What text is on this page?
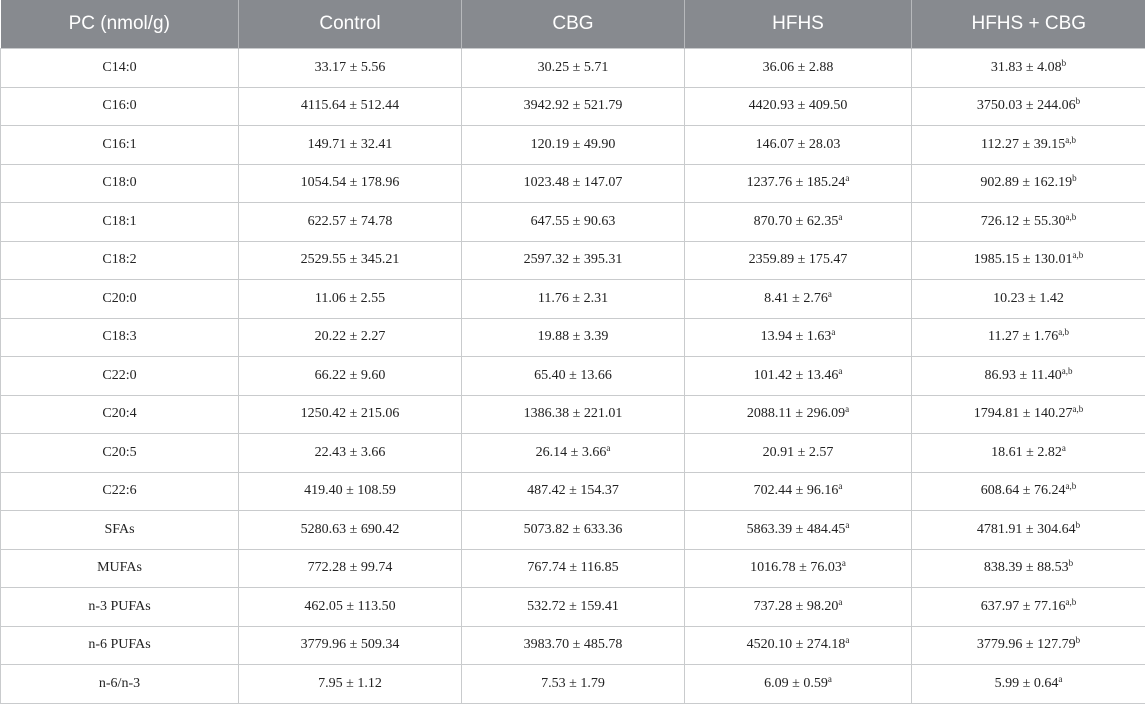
PC (nmol/g)	Control	CBG	HFHS	HFHS + CBG
C14:0	33.17 ± 5.56	30.25 ± 5.71	36.06 ± 2.88	31.83 ± 4.08$^b$
C16:0	4115.64 ± 512.44	3942.92 ± 521.79	4420.93 ± 409.50	3750.03 ± 244.06$^b$
C16:1	149.71 ± 32.41	120.19 ± 49.90	146.07 ± 28.03	$112.27 \pm 39.15^{a,b}$
C18:0	1054.54 ± 178.96	1023.48 ± 147.07	1237.76 ± 185.24$^a$	902.89 ± 162.19$^b$
C18:1	622.57 ± 74.78	647.55 ± 90.63	870.70 ± 62.35$^a$	$726.12 \pm 55.30^{a,b}$
C18:2	2529.55 ± 345.21	2597.32 ± 395.31	2359.89 ± 175.47	$1985.15 \pm 130.01^{a,b}$
C20:0	11.06 ± 2.55	11.76 ± 2.31	8.41 ± 2.76$^a$	10.23 ± 1.42
C18:3	20.22 ± 2.27	19.88 ± 3.39	13.94 ± 1.63$^a$	$11.27 \pm 1.76^{a,b}$
C22:0	66.22 ± 9.60	65.40 ± 13.66	101.42 ± 13.46$^a$	$86.93 \pm 11.40^{a,b}$
C20:4	1250.42 ± 215.06	1386.38 ± 221.01	2088.11 ± 296.09$^a$	$1794.81 \pm 140.27^{a,b}$
C20:5	22.43 ± 3.66	26.14 ± 3.66$^a$	20.91 ± 2.57	18.61 ± 2.82$^a$
C22:6	419.40 ± 108.59	487.42 ± 154.37	702.44 ± 96.16$^a$	$608.64 \pm 76.24^{a,b}$
SFAs	5280.63 ± 690.42	5073.82 ± 633.36	5863.39 ± 484.45$^a$	4781.91 ± 304.64$^b$
MUFAs	772.28 ± 99.74	767.74 ± 116.85	1016.78 ± 76.03$^a$	838.39 ± 88.53$^b$
n-3 PUFAs	462.05 ± 113.50	532.72 ± 159.41	737.28 ± 98.20$^a$	$637.97 \pm 77.16^{a,b}$
n-6 PUFAs	3779.96 ± 509.34	3983.70 ± 485.78	4520.10 ± 274.18$^a$	3779.96 ± 127.79$^b$
n-6/n-3	7.95 ± 1.12	7.53 ± 1.79	6.09 ± 0.59$^a$	5.99 ± 0.64$^a$
